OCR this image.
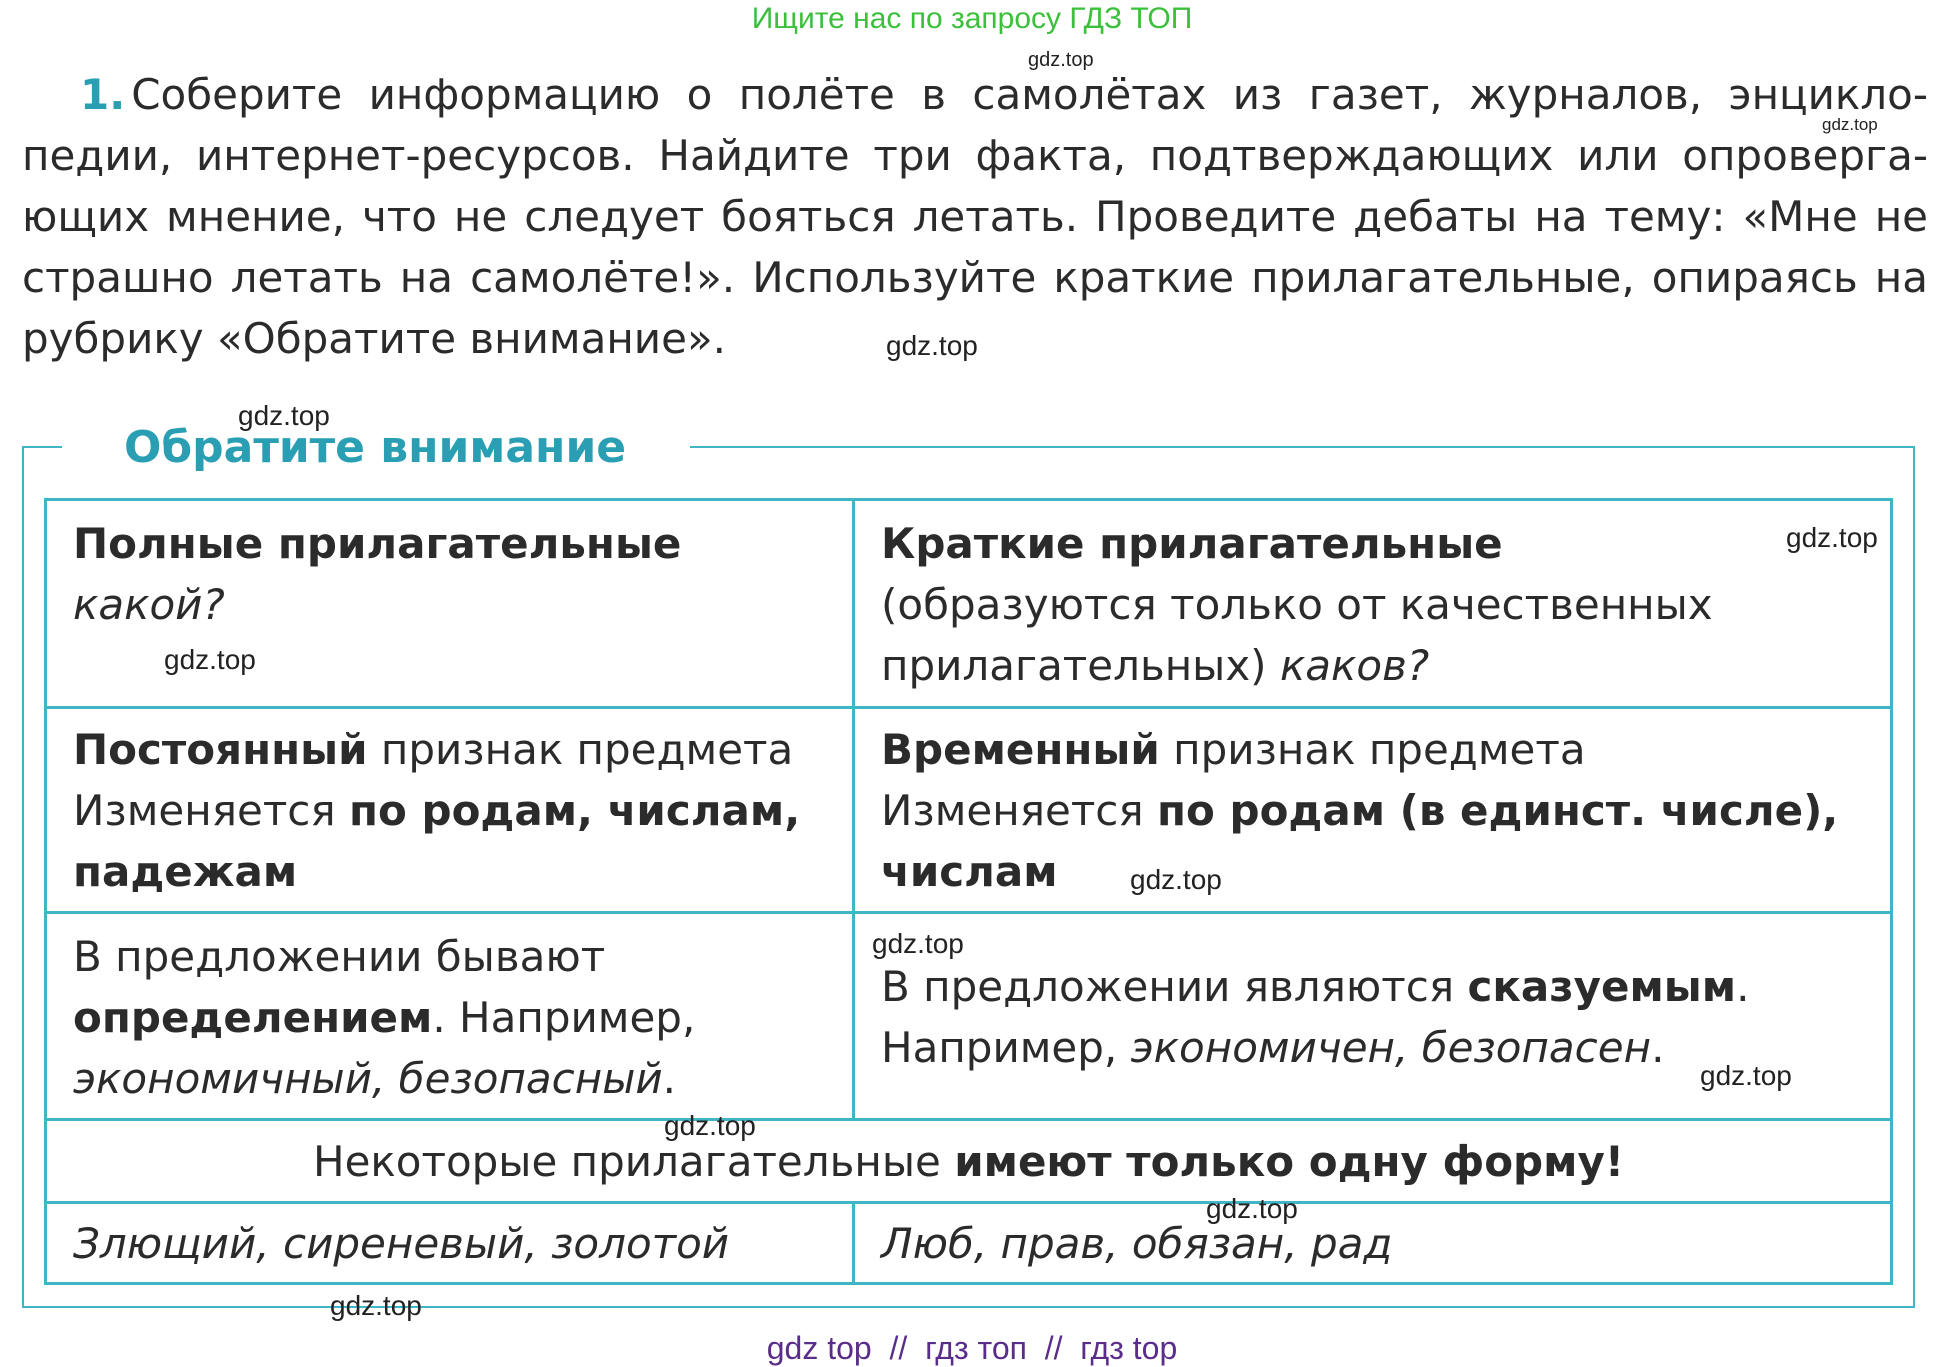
Ищите нас по запросу ГДЗ ТОП
1. Соберите информацию о полёте в самолётах из газет, журналов, энциклопедии, интернет-ресурсов. Найдите три факта, подтверждающих или опровергающих мнение, что не следует бояться летать. Проведите дебаты на тему: «Мне не страшно летать на самолёте!». Используйте краткие прилагательные, опираясь на рубрику «Обратите внимание».
Обратите внимание
Полные прилагательные
какой?
Краткие прилагательные
(образуются только от качественных прилагательных) каков?
Постоянный признак предмета
Изменяется по родам, числам, падежам
Временный признак предмета
Изменяется по родам (в единст. числе), числам
В предложении бывают определением. Например, экономичный, безопасный.
В предложении являются сказуемым. Например, экономичен, безопасен.
Некоторые прилагательные имеют только одну форму!
Злющий, сиреневый, золотой	Люб, прав, обязан, рад
gdz.top
gdz.top
gdz.top
gdz.top
gdz.top
gdz.top
gdz.top
gdz.top
gdz.top
gdz.top
gdz.top
gdz.top
gdz top  //  гдз топ  //  гдз top
